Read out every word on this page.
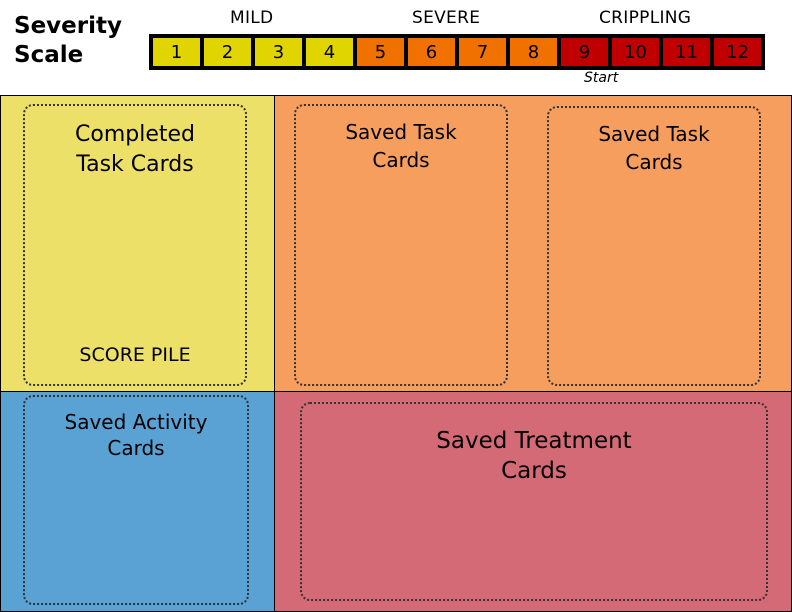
Severity
Scale
MILD	SEVERE	CRIPPLING
1	2	3	4	5	6	7	8	9	10	11	12
Start
Completed
Task Cards
SCORE PILE
Saved Task
Cards
Saved Task
Cards
Saved Activity
Cards	Saved Treatment
Cards
